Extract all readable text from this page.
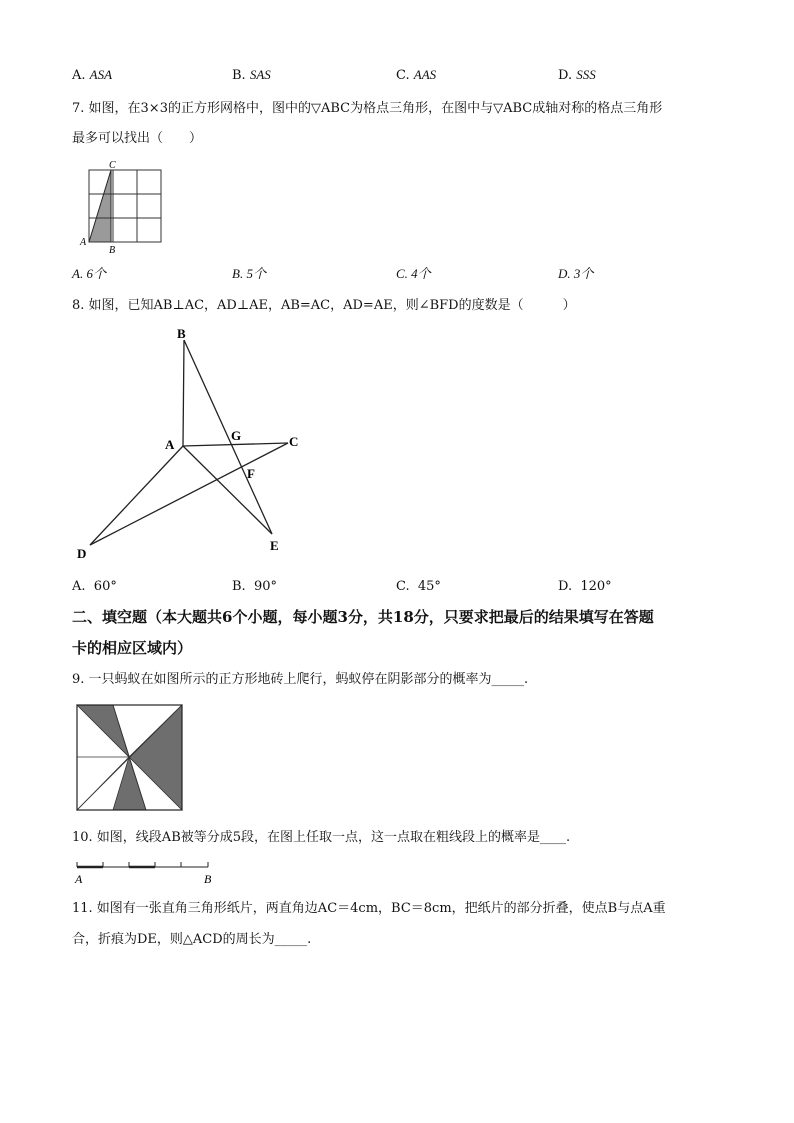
A. ASA	B. SAS	C. AAS	D. SSS
7. 如图，在3×3的正方形网格中，图中的▽ABC为格点三角形，在图中与▽ABC成轴对称的格点三角形
最多可以找出（　　）
C
A
B
A. 6个	B. 5个	C. 4个	D. 3个
8. 如图，已知AB⊥AC，AD⊥AE，AB=AC，AD=AE，则∠BFD的度数是（　　　）
B
A
G	C
F
D
E
A. 60°	B. 90°	C. 45°	D. 120°
二、填空题（本大题共6个小题，每小题3分，共18分，只要求把最后的结果填写在答题
卡的相应区域内）
9. 一只蚂蚁在如图所示的正方形地砖上爬行，蚂蚁停在阴影部分的概率为_____.
10. 如图，线段AB被等分成5段，在图上任取一点，这一点取在粗线段上的概率是____.
A	B
11. 如图有一张直角三角形纸片，两直角边AC＝4cm，BC＝8cm，把纸片的部分折叠，使点B与点A重
合，折痕为DE，则△ACD的周长为_____.
